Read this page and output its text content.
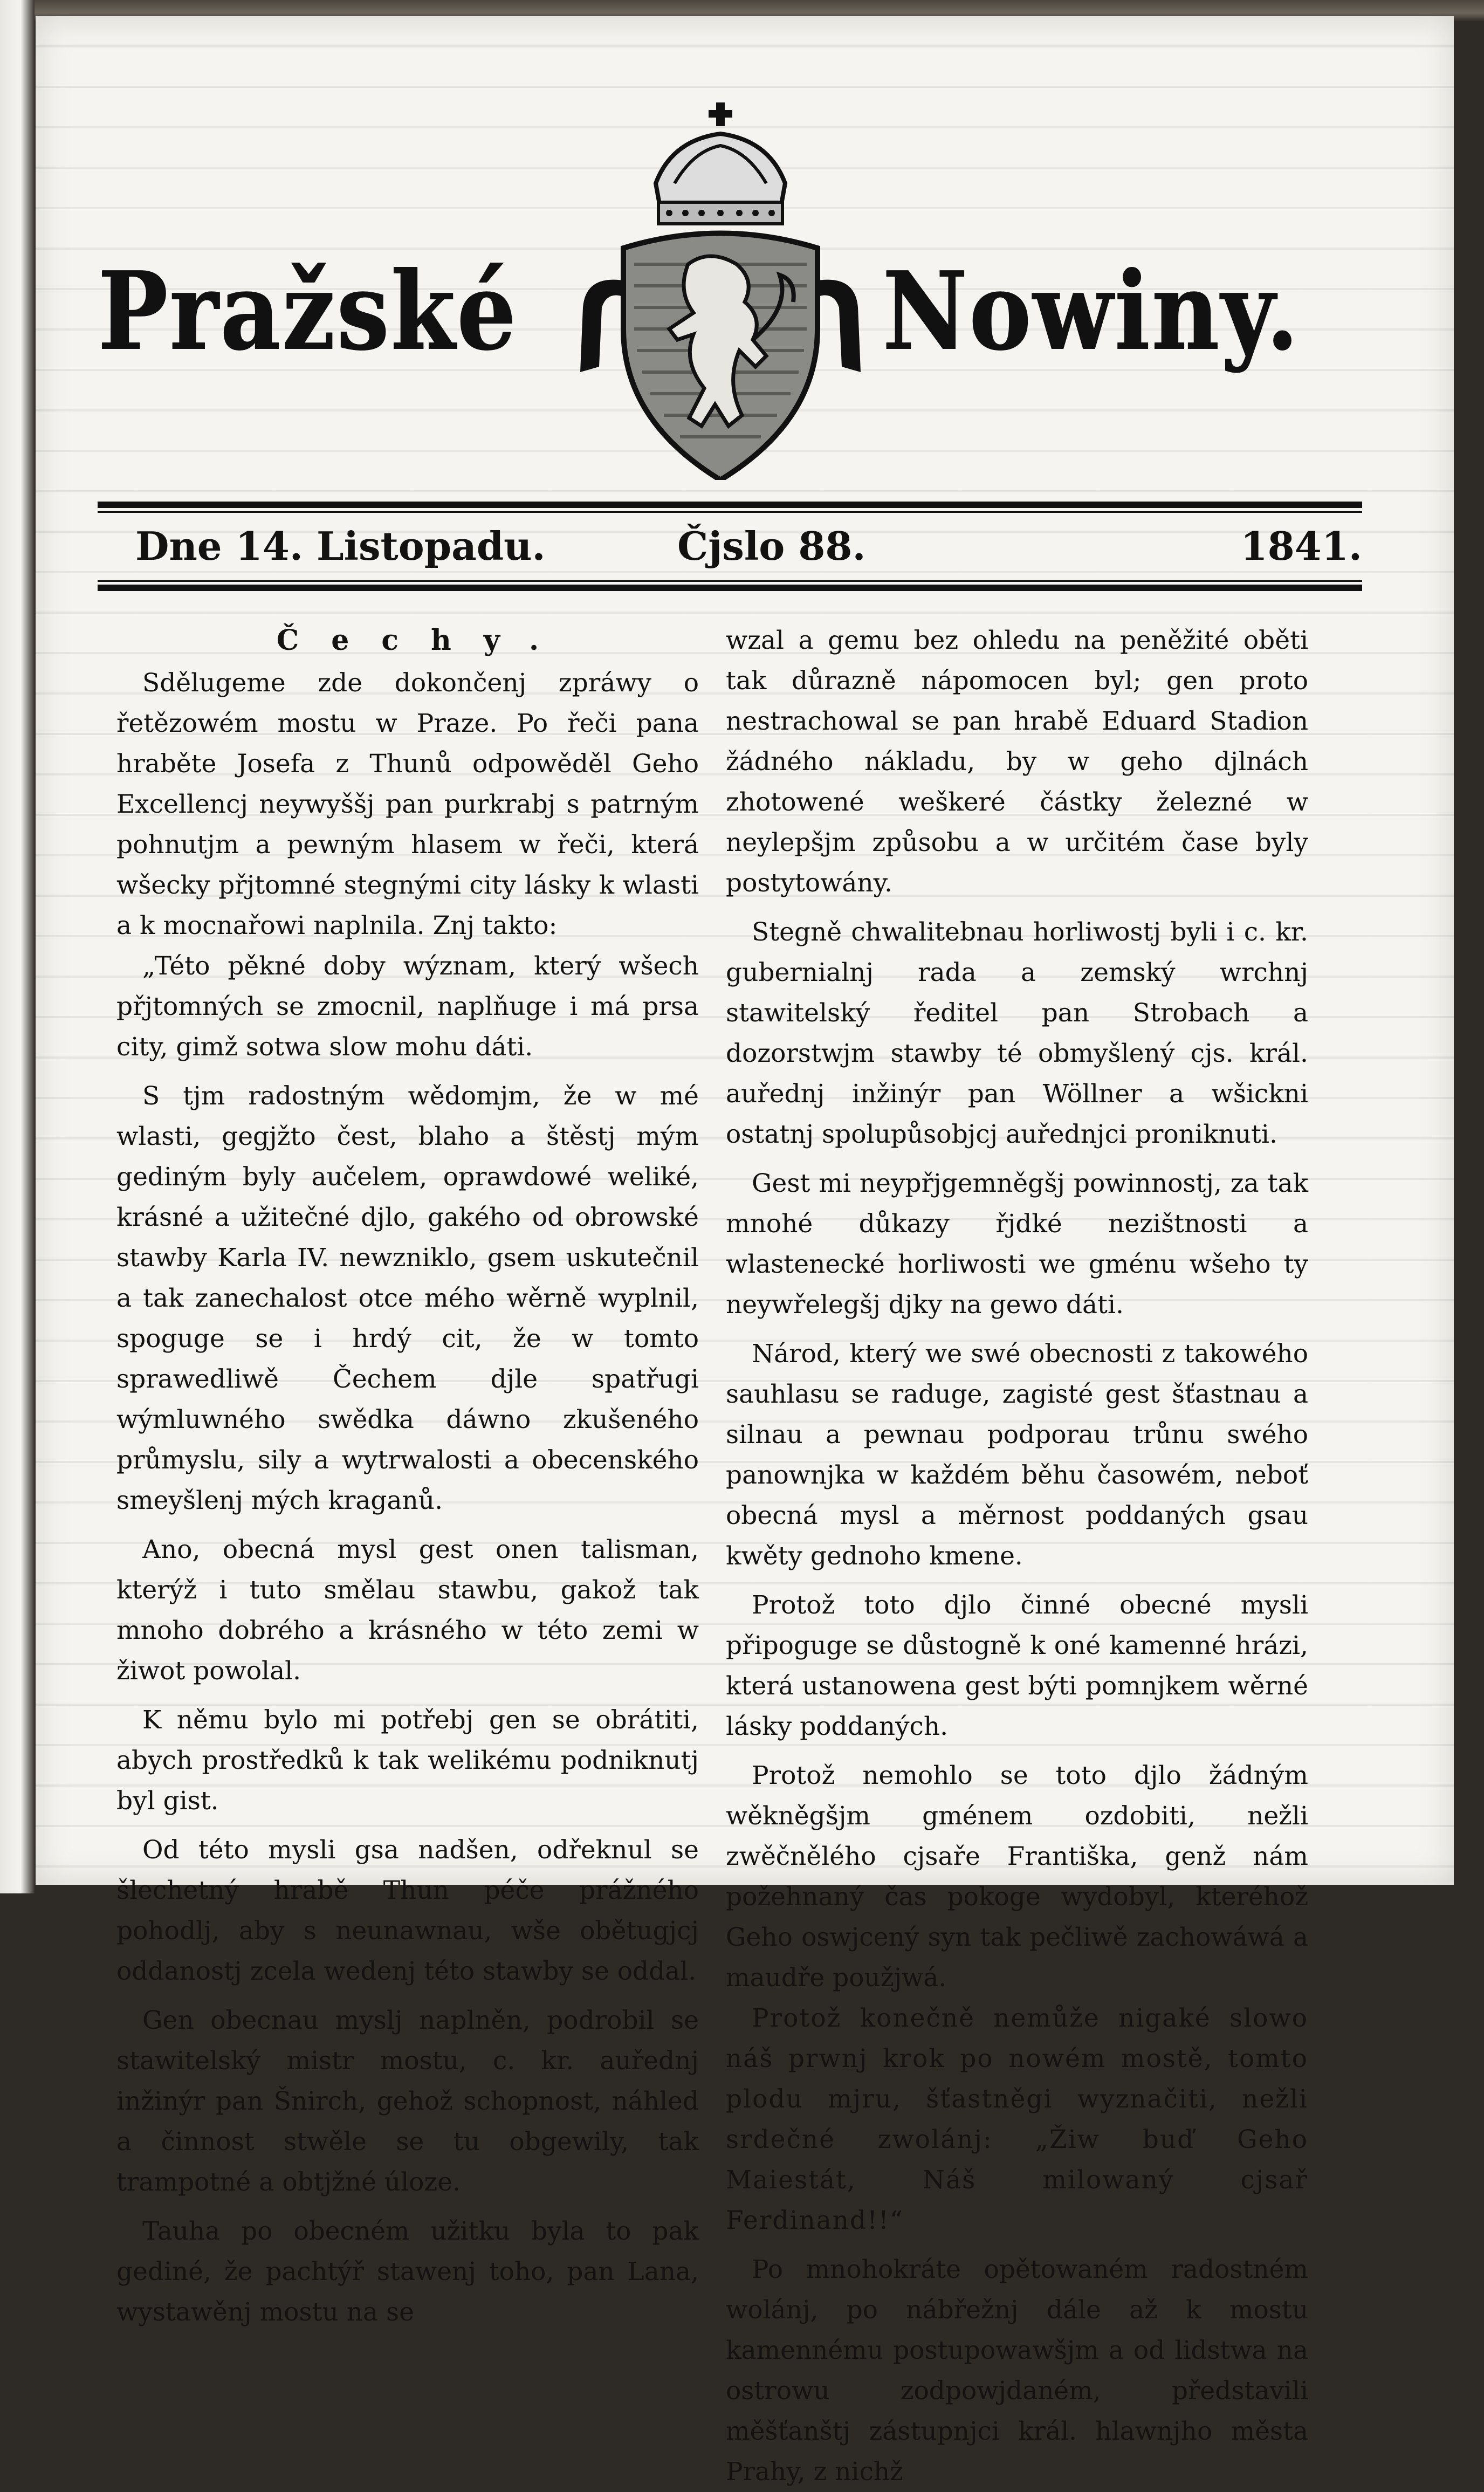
Pražské	Nowiny.
Dne 14. Listopadu.	Čjslo 88.	1841.
Čechy.

Sdělugeme zde dokončenj zpráwy o řetězowém mostu w Praze. Po řeči pana hraběte Josefa z Thunů odpowěděl Geho Excellencj neywyššj pan purkrabj s patrným pohnutjm a pewným hlasem w řeči, která wšecky přjtomné stegnými city lásky k wlasti a k mocnařowi naplnila. Znj takto:

„Této pěkné doby wýznam, který wšech přjtomných se zmocnil, naplňuge i má prsa city, gimž sotwa slow mohu dáti.

S tjm radostným wědomjm, že w mé wlasti, gegjžto čest, blaho a štěstj mým gediným byly aučelem, oprawdowé weliké, krásné a užitečné djlo, gakého od obrowské stawby Karla IV. newzniklo, gsem uskutečnil a tak zanechalost otce mého wěrně wyplnil, spoguge se i hrdý cit, že w tomto sprawedliwě Čechem djle spatřugi wýmluwného swědka dáwno zkušeného průmyslu, sily a wytrwalosti a obecenského smeyšlenj mých kraganů.

Ano, obecná mysl gest onen talisman, kterýž i tuto smělau stawbu, gakož tak mnoho dobrého a krásného w této zemi w žiwot powolal.

K němu bylo mi potřebj gen se obrátiti, abych prostředků k tak welikému podniknutj byl gist.

Od této mysli gsa nadšen, odřeknul se šlechetný hrabě Thun péče prážného pohodlj, aby s neunawnau, wše obětugjcj oddanostj zcela wedenj této stawby se oddal.

Gen obecnau myslj naplněn, podrobil se stawitelský mistr mostu, c. kr. auřednj inžinýr pan Šnirch, gehož schopnost, náhled a činnost stwěle se tu obgewily, tak trampotné a obtjžné úloze.

Tauha po obecném užitku byla to pak gediné, že pachtýř stawenj toho, pan Lana, wystawěnj mostu na se

wzal a gemu bez ohledu na peněžité oběti tak důrazně nápomocen byl; gen proto nestrachowal se pan hrabě Eduard Stadion žádného nákladu, by w geho djlnách zhotowené weškeré částky železné w neylepšjm způsobu a w určitém čase byly postytowány.

Stegně chwalitebnau horliwostj byli i c. kr. gubernialnj rada a zemský wrchnj stawitelský ředitel pan Strobach a dozorstwjm stawby té obmyšlený cjs. král. auřednj inžinýr pan Wöllner a wšickni ostatnj spolupůsobjcj auřednjci proniknuti.

Gest mi neypřjgemněgšj powinnostj, za tak mnohé důkazy řjdké nezištnosti a wlastenecké horliwosti we gménu wšeho ty neywřelegšj djky na gewo dáti.

Národ, který we swé obecnosti z takowého sauhlasu se raduge, zagisté gest šťastnau a silnau a pewnau podporau trůnu swého panownjka w každém běhu časowém, neboť obecná mysl a měrnost poddaných gsau kwěty gednoho kmene.

Protož toto djlo činné obecné mysli připoguge se důstogně k oné kamenné hrázi, která ustanowena gest býti pomnjkem wěrné lásky poddaných.

Protož nemohlo se toto djlo žádným wěkněgšjm gménem ozdobiti, nežli zwěčnělého cjsaře Františka, genž nám požehnaný čas pokoge wydobyl, kteréhož Geho oswjcený syn tak pečliwě zachowáwá a maudře použjwá.

Protož konečně nemůže nigaké slowo náš prwnj krok po nowém mostě, tomto plodu mjru, šťastněgi wyznačiti, nežli srdečné zwolánj: „Žiw buď Geho Maiestát, Náš milowaný cjsař Ferdinand!!“

Po mnohokráte opětowaném radostném wolánj, po nábřežnj dále až k mostu kamennému postupowawšjm a od lidstwa na ostrowu zodpowjdaném, představili měšťanštj zástupnjci král. hlawnjho města Prahy, z nichž
